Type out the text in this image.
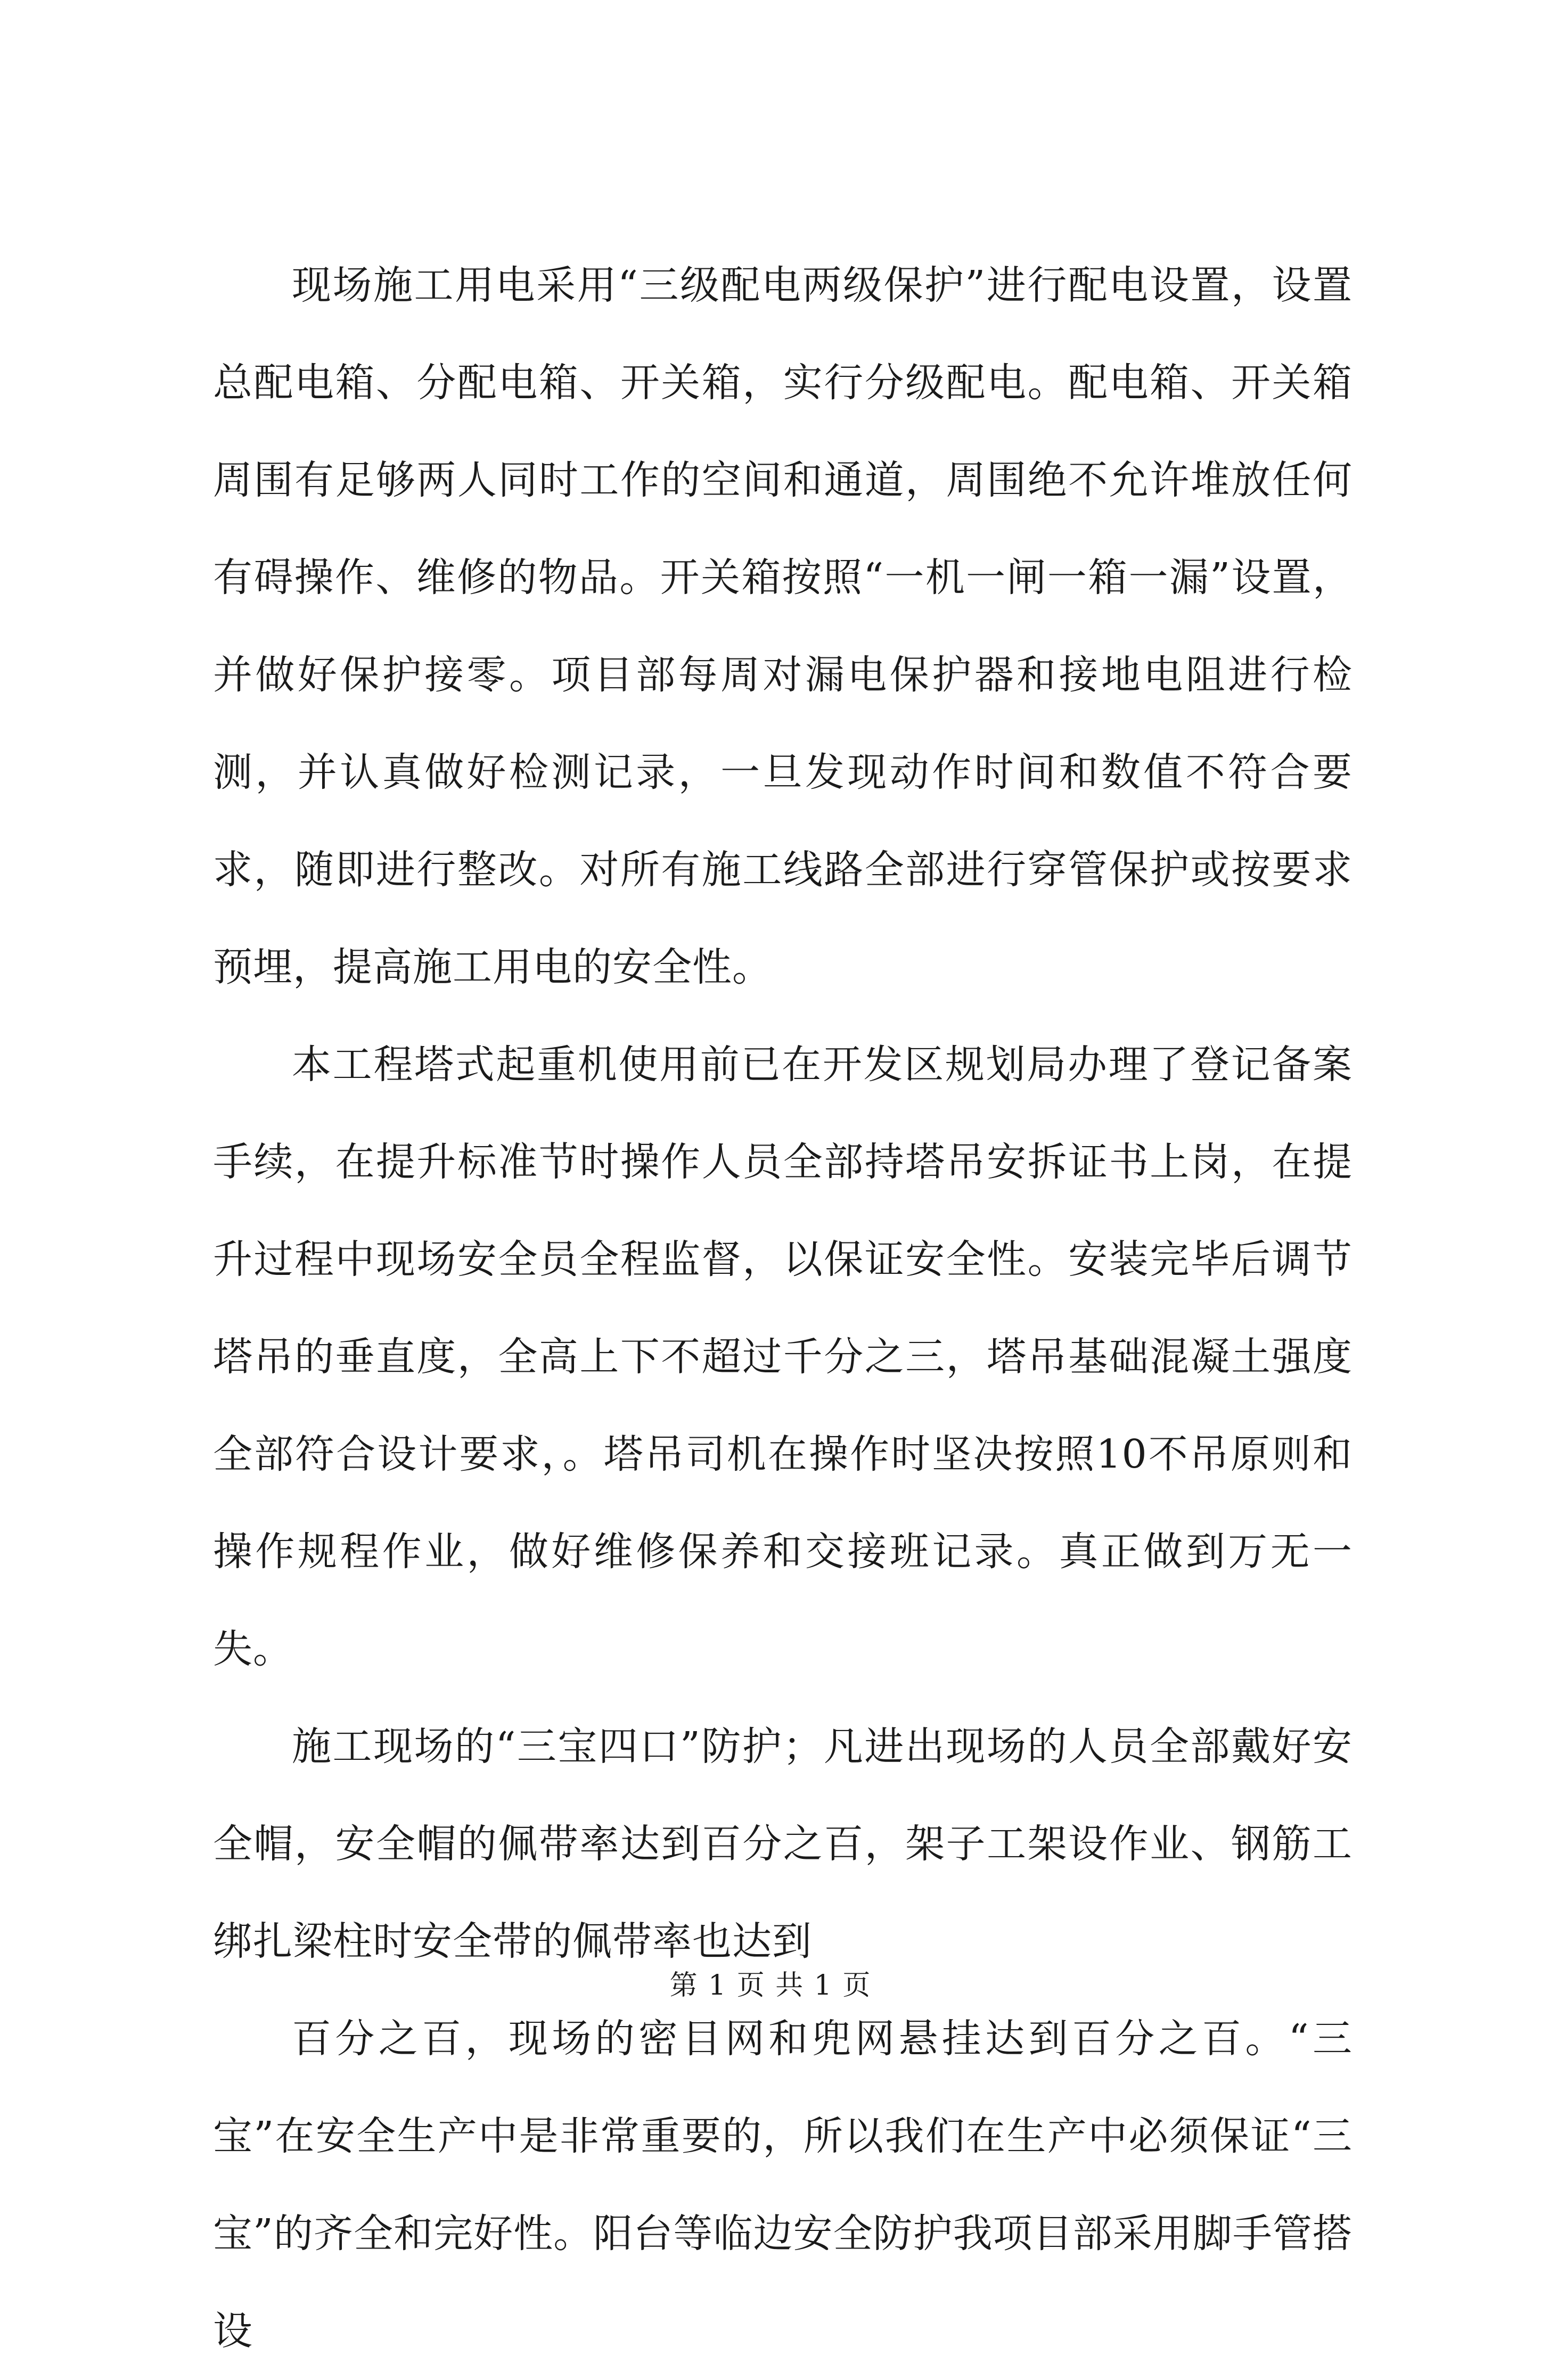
现场施工用电采用“三级配电两级保护”进行配电设置，设置总配电箱、分配电箱、开关箱，实行分级配电。配电箱、开关箱周围有足够两人同时工作的空间和通道，周围绝不允许堆放任何有碍操作、维修的物品。开关箱按照“一机一闸一箱一漏”设置，并做好保护接零。项目部每周对漏电保护器和接地电阻进行检测，并认真做好检测记录，一旦发现动作时间和数值不符合要求，随即进行整改。对所有施工线路全部进行穿管保护或按要求预埋，提高施工用电的安全性。

本工程塔式起重机使用前已在开发区规划局办理了登记备案手续，在提升标准节时操作人员全部持塔吊安拆证书上岗，在提升过程中现场安全员全程监督，以保证安全性。安装完毕后调节塔吊的垂直度，全高上下不超过千分之三，塔吊基础混凝土强度全部符合设计要求，。塔吊司机在操作时坚决按照10不吊原则和操作规程作业，做好维修保养和交接班记录。真正做到万无一失。

施工现场的“三宝四口”防护；凡进出现场的人员全部戴好安全帽，安全帽的佩带率达到百分之百，架子工架设作业、钢筋工绑扎梁柱时安全带的佩带率也达到

百分之百，现场的密目网和兜网悬挂达到百分之百。“三宝”在安全生产中是非常重要的，所以我们在生产中必须保证“三宝”的齐全和完好性。阳台等临边安全防护我项目部采用脚手管搭设

第 1 页 共 1 页
